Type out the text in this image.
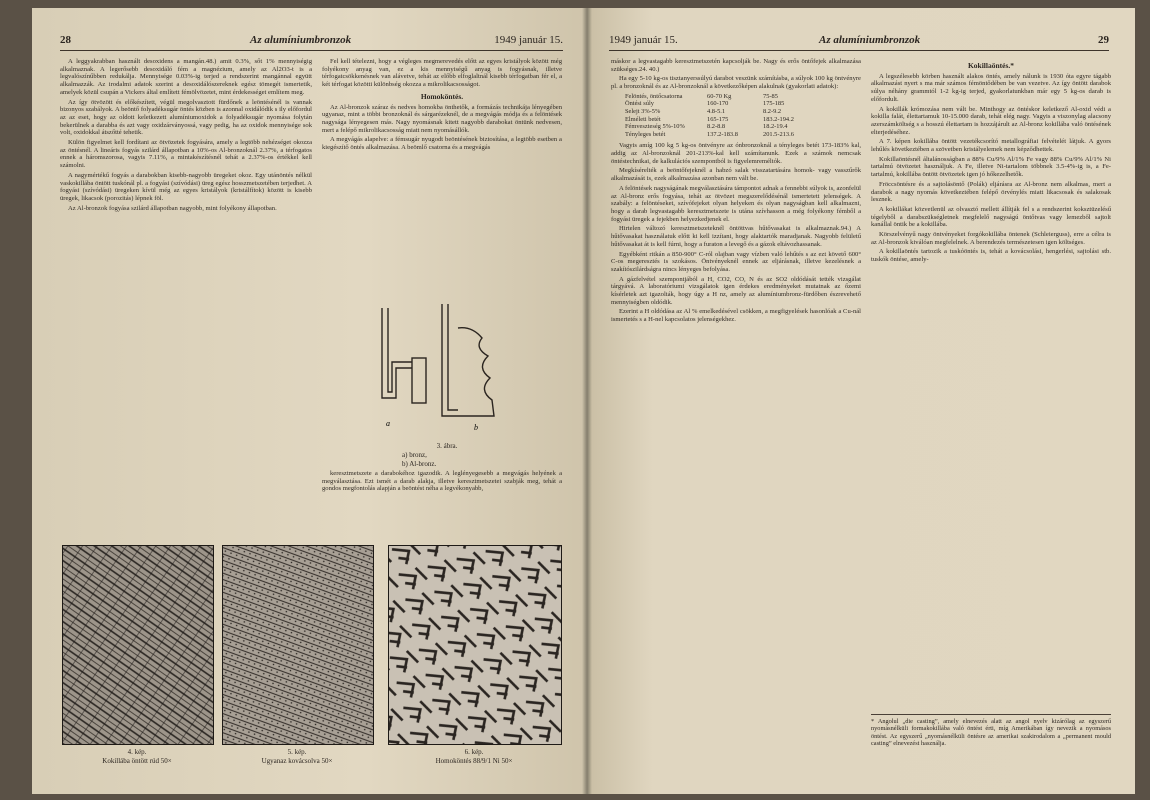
28	Az alumíniumbronzok	1949 január 15.

A leggyakrabban használt desoxidens a mangán.48.) amit 0.3%, sőt 1% mennyiségig alkalmaznak. A legerősebb desoxidáló fém a magnézium, amely az Al2O3-t is a legvalószínűbben redukálja. Mennyisége 0.03%-ig terjed a rendszerint mangánnal együtt alkalmazzák. Az irodalmi adatok szerint a desoxidálószereknek egész tömegét ismertetik, amelyek közül csupán a Vickers által említett fémölvözetet, mint érdekességet említem meg.

Az így ötvözött és előkészített, végül megolvasztott fürdőnek a leöntésénél is vannak bizonyos szabályok. A beöntő folyadéksugár öntés közben is azonnal oxidálódik s ily előfordul az az eset, hogy az oldott keletkezett alumíniumoxidok a folyadéksugár nyomása folytán bekerülnek a darabba és azt vagy oxidzárványossá, vagy pedig, ha az oxidok mennyisége sok volt, oxidokkal átszőtté tehetik.

Külön figyelmet kell fordítani az ötvözetek fogyására, amely a legtöbb nehézséget okozza az öntésnél. A lineáris fogyás szilárd állapotban a 10%-os Al-bronzoknál 2.37%, a térfogatos ennek a háromszorosa, vagyis 7.11%, a mintakészítésnél tehát a 2.37%-os értékkel kell számolni.

A nagymértékű fogyás a darabokban kisebb-nagyobb üregeket okoz. Egy utánöntés nélkül vaskokillába öntött tuskónál pl. a fogyási (szívódási) üreg egész hosszmetszetében terjedhet. A fogyási (szívódási) üregeken kívül még az egyes kristályok (kristálfítok) között is kisebb üregek, likacsok (porozitás) lépnek föl.

Az Al-bronzok fogyása szilárd állapotban nagyobb, mint folyékony állapotban.

Fel kell tételezni, hogy a végleges megmerevedés előtt az egyes kristályok között még folyékony anyag van, ez a kis mennyiségű anyag is fogyásnak, illetve térfogatcsökkenésnek van alávetve, tehát az előbb elfoglaltnál kisebb térfogatban fér el, a két térfogat közötti különbség okozza a mikrolikacsosságot.

Homoköntés.

Az Al-bronzok száraz és nedves homokba önthetők, a formázás technikája lényegében ugyanaz, mint a többi bronzoknál és sárgarézeknél, de a megvágás módja és a felöntések nagysága lényegesen más. Nagy nyomásnak kitett nagyobb darabokat öntünk nedvesen, mert a felépő mikrolikacsosság miatt nem nyomásállók.

A megvágás alapelve: a fémsugár nyugodt beöntésének biztosítása, a legtöbb esetben a kiegészítő öntés alkalmazása. A beömlő csatorna és a megvágás

a	b
3. ábra.
a) bronz,
b) Al-bronz.

keresztmetszete a darabokéhoz igazodik. A leglényegesebb a megvágás helyének a megválasztása. Ezt ismét a darab alakja, illetve keresztmetszetei szabják meg, tehát a gondos megfontolás alapján a beöntést néha a legvékonyabb,

4. kép.
Kokillába öntött rúd 50×
5. kép.
Ugyanaz kovácsolva 50×
6. kép.
Homoköntés 88/9/1 Ni 50×
1949 január 15.	Az alumíniumbronzok	29

máskor a legvastagabb keresztmetszetén kapcsolják be. Nagy és erős öntőfejek alkalmazása szükséges.24. 40.)

Ha egy 5-10 kg-os tisztanyerssúlyú darabot veszünk számításba, a súlyok 100 kg öntvényre pl. a bronzoknál és az Al-bronzoknál a következőképen alakulnak (gyakorlati adatok):

Felöntés, öntőcsatorna	60-70 Kg	75-85
Öntési súly	160-170	175-185
Selejt 3%-5%	4.8-5.1	8.2-9.2
Elméleti betét	165-175	183.2-194.2
Fémveszteség 5%-10%	8.2-8.8	18.2-19.4
Tényleges betét	137.2-183.8	201.5-213.6

Vagyis amíg 100 kg 5 kg-os öntvényre az ónbronzoknál a tényleges betét 173-183% kal, addig az Al-bronzoknál 201-213%-kal kell számítanunk. Ezek a számok nemcsak öntéstechnikai, de kalkulációs szempontból is figyelemreméltók.

Megkísérelték a beöntőfejeknél a habzó salak visszatartására homok- vagy vasszűrők alkalmazását is, ezek alkalmazása azonban nem vált be.

A felöntések nagyságának megválasztására támpontot adnak a fennebbi súlyok is, azonfelül az Al-bronz erős fogyása, tehát az ötvözet megszerelődésénál ismertetett jelenségek. A szabály: a felöntéseket, szívófejeket olyan helyeken és olyan nagyságban kell alkalmazni, hogy a darab legvastagabb keresztmetszete is utána szívhasson a még folyékony fémből a fogyási üregek a fejekben helyezkedjenek el.

Hirtelen változó keresztmetszeteknél öntöttvas hűtővasakat is alkalmaznak.94.) A hűtővasakat használatuk előtt ki kell izzítani, hogy alaktartók maradjanak. Nagyobb felületű hűtővasakat át is kell fúrni, hogy a furaton a levegő és a gázok eltávozhassanak.

Egyébként ritkán a 850-900° C-ról olajban vagy vízben való lehűtés s az ezt követő 600° C-os megeresztés is szokásos. Öntvényeknél ennek az eljárásnak, illetve kezelésnek a szakítószilárdságra nincs lényeges befolyása.

A gázfelvétel szempontjából a H, CO2, CO, N és az SO2 oldódását tették vizsgálat tárgyává. A laboratóriumi vizsgálatok igen érdekes eredményeket mutatnak az őzemi kísérletek azt igazolták, hogy úgy a H nz, amely az alumíniumbronz-fürdőben észrevehető mennyiségben oldódik.

Ezerint a H oldódása az Al % emelkedésével csökken, a megfigyelések hasonlóak a Cu-nál ismertetés s a H-nel kapcsolatos jelenségekhez.

Kokillaöntés.*

A legszélesebb körben használt alakos öntés, amely nálunk is 1930 óta egyre tágabb alkalmazást nyert s ma már számos fémöntődében be van vezetve. Az így öntött darabok súlya néhány grammtól 1-2 kg-ig terjed, gyakorlatunkban már egy 5 kg-os darab is előfordult.

A kokillák krómozása nem vált be. Minthogy az öntéskor keletkező Al-oxid védi a kokilla falát, élettartamuk 10-15.000 darab, tehát elég nagy. Vagyis a viszonylag alacsony azerszámköltség s a hosszú élettartam is hozzájárult az Al-bronz kokillába való öntésének elterjedéséhez.

A 7. képen kokillába öntött vezetékcsorító metallográfiai felvételét látjuk. A gyors lehűlés következtében a szövetben kristályelemek nem képződhettek.

Kokillaöntésnél általánosságban a 88% Cu/9% Al/1% Fe vagy 88% Cu/9% Al/1% Ni tartalmú ötvözetet használjuk. A Fe, illetve Ni-tartalom többnek 3.5-4%-ig is, a Fe-tartalmú, kokillába öntött ötvözetek igen jó hőkezelhetők.

Fröccsöntésre és a sajtolásöntő (Polák) eljárásra az Al-bronz nem alkalmas, mert a darabok a nagy nyomás következtében felépő örvénylés miatt likacsosak és salakosak lesznek.

A kokillákat közvetlenül az olvasztó mellett állítják fel s a rendszerint koksztüzelésű tégelyből a darabszükségletnek megfelelő nagyságú öntőtvas vagy lemezből sajtolt kanállal öntik be a kokillába.

Körszelvényű nagy öntvényeket forgókokillába öntenek (Schleierguss), erre a célra is az Al-bronzok kiválóan megfelelnek. A berendezés természetesen igen költséges.

A kokillaöntés tartozik a tuskóöntés is, tehát a kovácsolási, hengerlési, sajtolási stb. tuskók öntése, amely-

* Angolul „die casting”, amely elnevezés alatt az angol nyelv kizárólag az egyszerű nyomásnélküli formakokillába való öntést érti, míg Amerikában így nevezik a nyomásos öntést. Az egyszerű „nyomásnélküli öntésre az amerikai szakirodalom a „permanent mould casting” elnevezést használja.
